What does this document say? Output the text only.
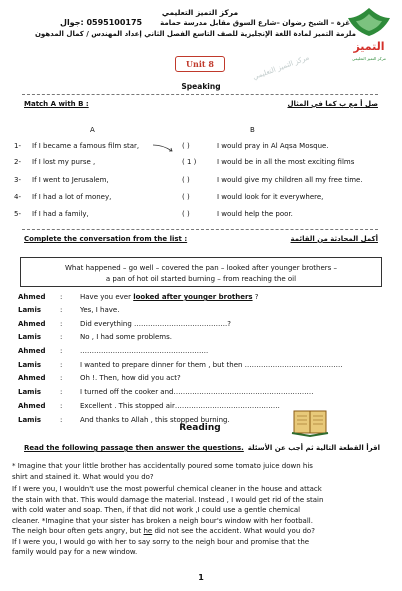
مركز التميز التعليمي
غزة – الشيخ رضوان –شارع السوق مقابل مدرسة حمامة
ملزمة التميز لمادة اللغة الإنجليزية للصف التاسع الفصل الثاني إعداد المهندس / كمال المدهون
0595100175 :جوال
التميز
مركز التميز التعليمي
Unit 8	مركز التميز التعليمي
Speaking
Match A with B :	صل أ مع ب كما في المثال
A	B
1- If I became a famous film star,	( )	I would pray in Al Aqsa Mosque.
2- If I lost my purse ,	( 1 )	I would be in all the most exciting films
3- If I went to Jerusalem,	( )	I would give my children all my free time.
4- If I had a lot of money,	( )	I would look for it everywhere,
5- If I had a family,	( )	I would help the poor.
Complete the conversation from the list :	أكمل المحادثة من القائمة
What happened – go well – covered the pan – looked after younger brothers –
a pan of hot oil started burning – from reaching the oil
Ahmed :	Have you ever looked after younger brothers ?
Lamis	:	Yes, I have.
Ahmed :	Did everything ………………………………….?
Lamis	:	No , I had some problems.
Ahmed :	……………………………………………….
Lamis	:	I wanted to prepare dinner for them , but then ……………………………………
Ahmed :	Oh !. Then, how did you act?
Lamis	:	I turned off the cooker and……………………………………………………
Ahmed :	Excellent . This stopped air………………………………………
Lamis	:	And thanks to Allah , this stopped burning.
Reading
Read the following passage then answer the questions. اقرأ القطعة التالية ثم أجب عن الأسئلة
* Imagine that your little brother has accidentally poured some tomato juice down his
shirt and stained it. What would you do?
If I were you, I wouldn't use the most powerful chemical cleaner in the house and attack
the stain with that. This would damage the material. Instead , I would get rid of the stain
with cold water and soap. Then, if that did not work ,I could use a gentle chemical
cleaner. *Imagine that your sister has broken a neigh bour's window with her football.
The neigh bour often gets angry, but he did not see the accident. What would you do?
If I were you, I would go with her to say sorry to the neigh bour and promise that the
family would pay for a new window.
1
